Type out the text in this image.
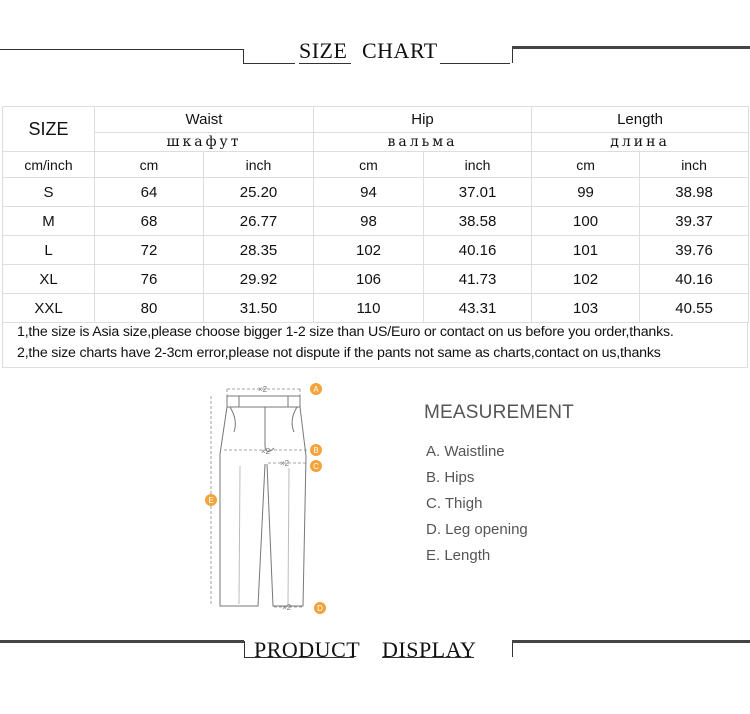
SIZE CHART
SIZE	Waist		Hip		Length	
	шкафут		вальма		длина	
cm/inch	cm	inch	cm	inch	cm	inch
S	64	25.20	94	37.01	99	38.98
M	68	26.77	98	38.58	100	39.37
L	72	28.35	102	40.16	101	39.76
XL	76	29.92	106	41.73	102	40.16
XXL	80	31.50	110	43.31	103	40.55
1,the size is Asia size,please choose bigger 1-2 size than US/Euro or contact on us before you order,thanks.
2,the size charts have 2-3cm error,please not dispute if the pants not same as charts,contact on us,thanks
×2
×2
×2
×2
A
B
C
D
E
MEASUREMENT
A. Waistline
B. Hips
C. Thigh
D. Leg opening
E. Length
PRODUCT DISPLAY
